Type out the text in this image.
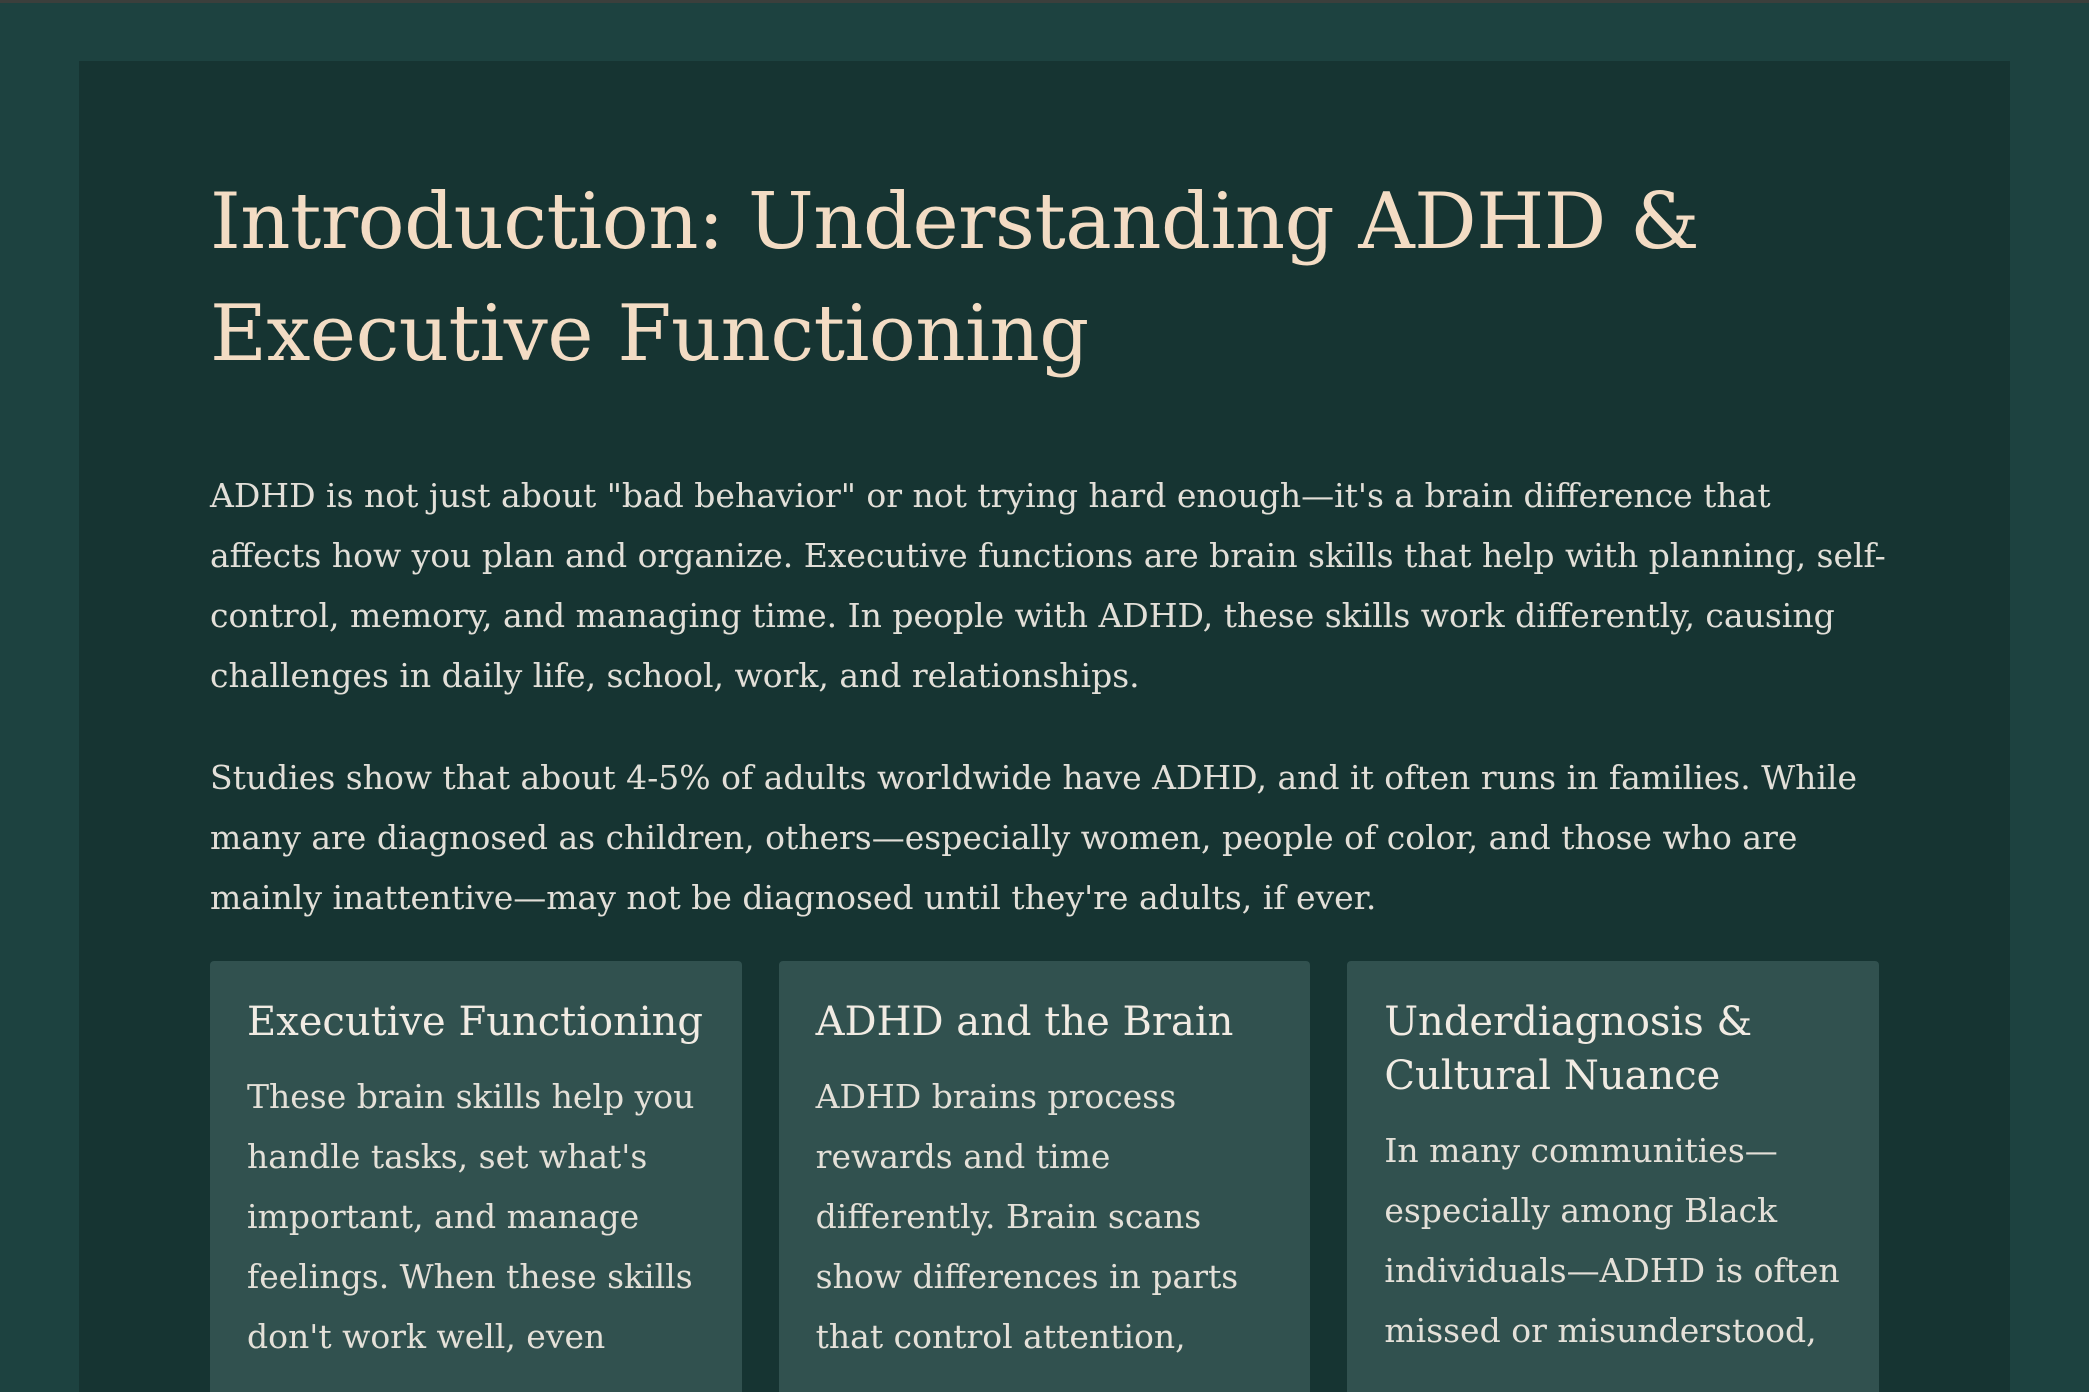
Introduction: Understanding ADHD & Executive Functioning

ADHD is not just about "bad behavior" or not trying hard enough—it's a brain difference that affects how you plan and organize. Executive functions are brain skills that help with planning, self-control, memory, and managing time. In people with ADHD, these skills work differently, causing challenges in daily life, school, work, and relationships.

Studies show that about 4-5% of adults worldwide have ADHD, and it often runs in families. While many are diagnosed as children, others—especially women, people of color, and those who are mainly inattentive—may not be diagnosed until they're adults, if ever.

Executive Functioning

These brain skills help you handle tasks, set what's important, and manage feelings. When these skills don't work well, even

ADHD and the Brain

ADHD brains process rewards and time differently. Brain scans show differences in parts that control attention,

Underdiagnosis & Cultural Nuance

In many communities—especially among Black individuals—ADHD is often missed or misunderstood,
